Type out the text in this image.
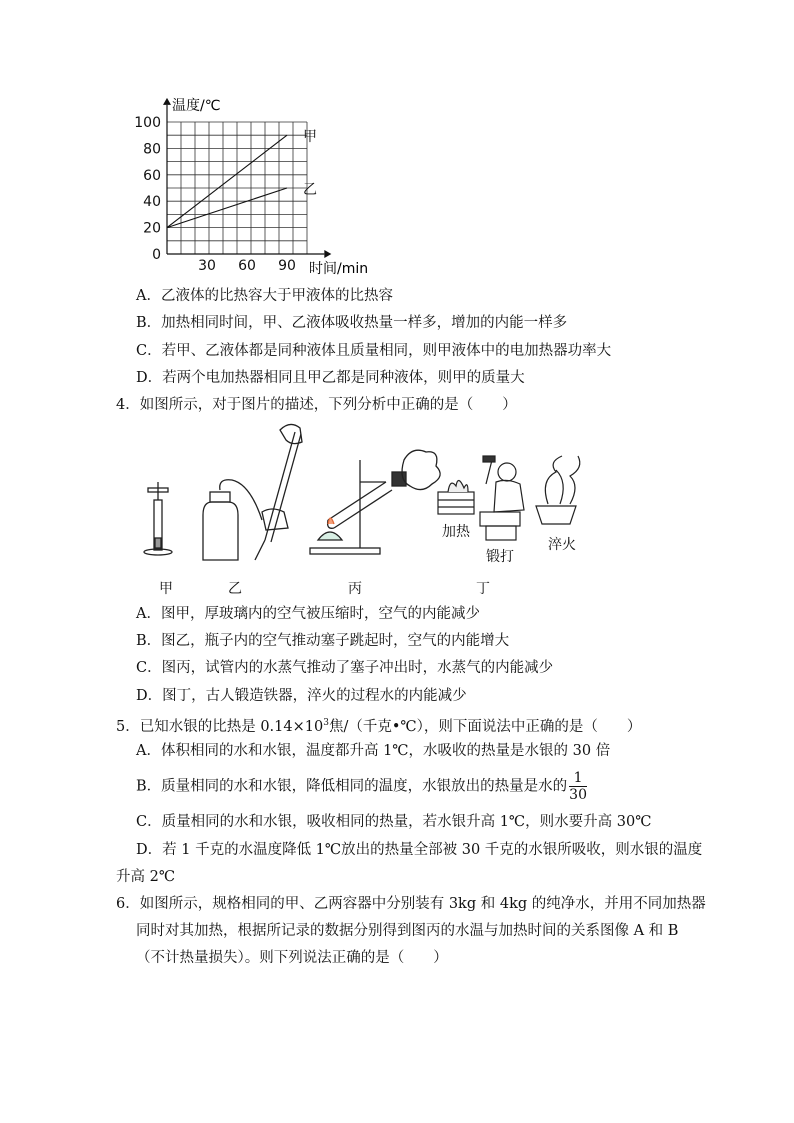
温度/℃
时间/min
0
20
40
60
80
100
30 60 90
甲
乙
A．乙液体的比热容大于甲液体的比热容
B．加热相同时间，甲、乙液体吸收热量一样多，增加的内能一样多
C．若甲、乙液体都是同种液体且质量相同，则甲液体中的电加热器功率大
D．若两个电加热器相同且甲乙都是同种液体，则甲的质量大
4．如图所示，对于图片的描述，下列分析中正确的是（　　）
加热
锻打
淬火
甲	乙	丙	丁
A．图甲，厚玻璃内的空气被压缩时，空气的内能减少
B．图乙，瓶子内的空气推动塞子跳起时，空气的内能增大
C．图丙，试管内的水蒸气推动了塞子冲出时，水蒸气的内能减少
D．图丁，古人锻造铁器，淬火的过程水的内能减少
5．已知水银的比热是 $0.14\times 10^3$焦/（千克•℃），则下面说法中正确的是（　　）
A．体积相同的水和水银，温度都升高 1℃，水吸收的热量是水银的 30 倍
B．质量相同的水和水银，降低相同的温度，水银放出的热量是水的 $\frac{1}{30}$
C．质量相同的水和水银，吸收相同的热量，若水银升高 1℃，则水要升高 30℃
D．若 1 千克的水温度降低 1℃放出的热量全部被 30 千克的水银所吸收，则水银的温度
升高 2℃
6．如图所示，规格相同的甲、乙两容器中分别装有 3kg 和 4kg 的纯净水，并用不同加热器
同时对其加热，根据所记录的数据分别得到图丙的水温与加热时间的关系图像 A 和 B
（不计热量损失）。则下列说法正确的是（　　）
